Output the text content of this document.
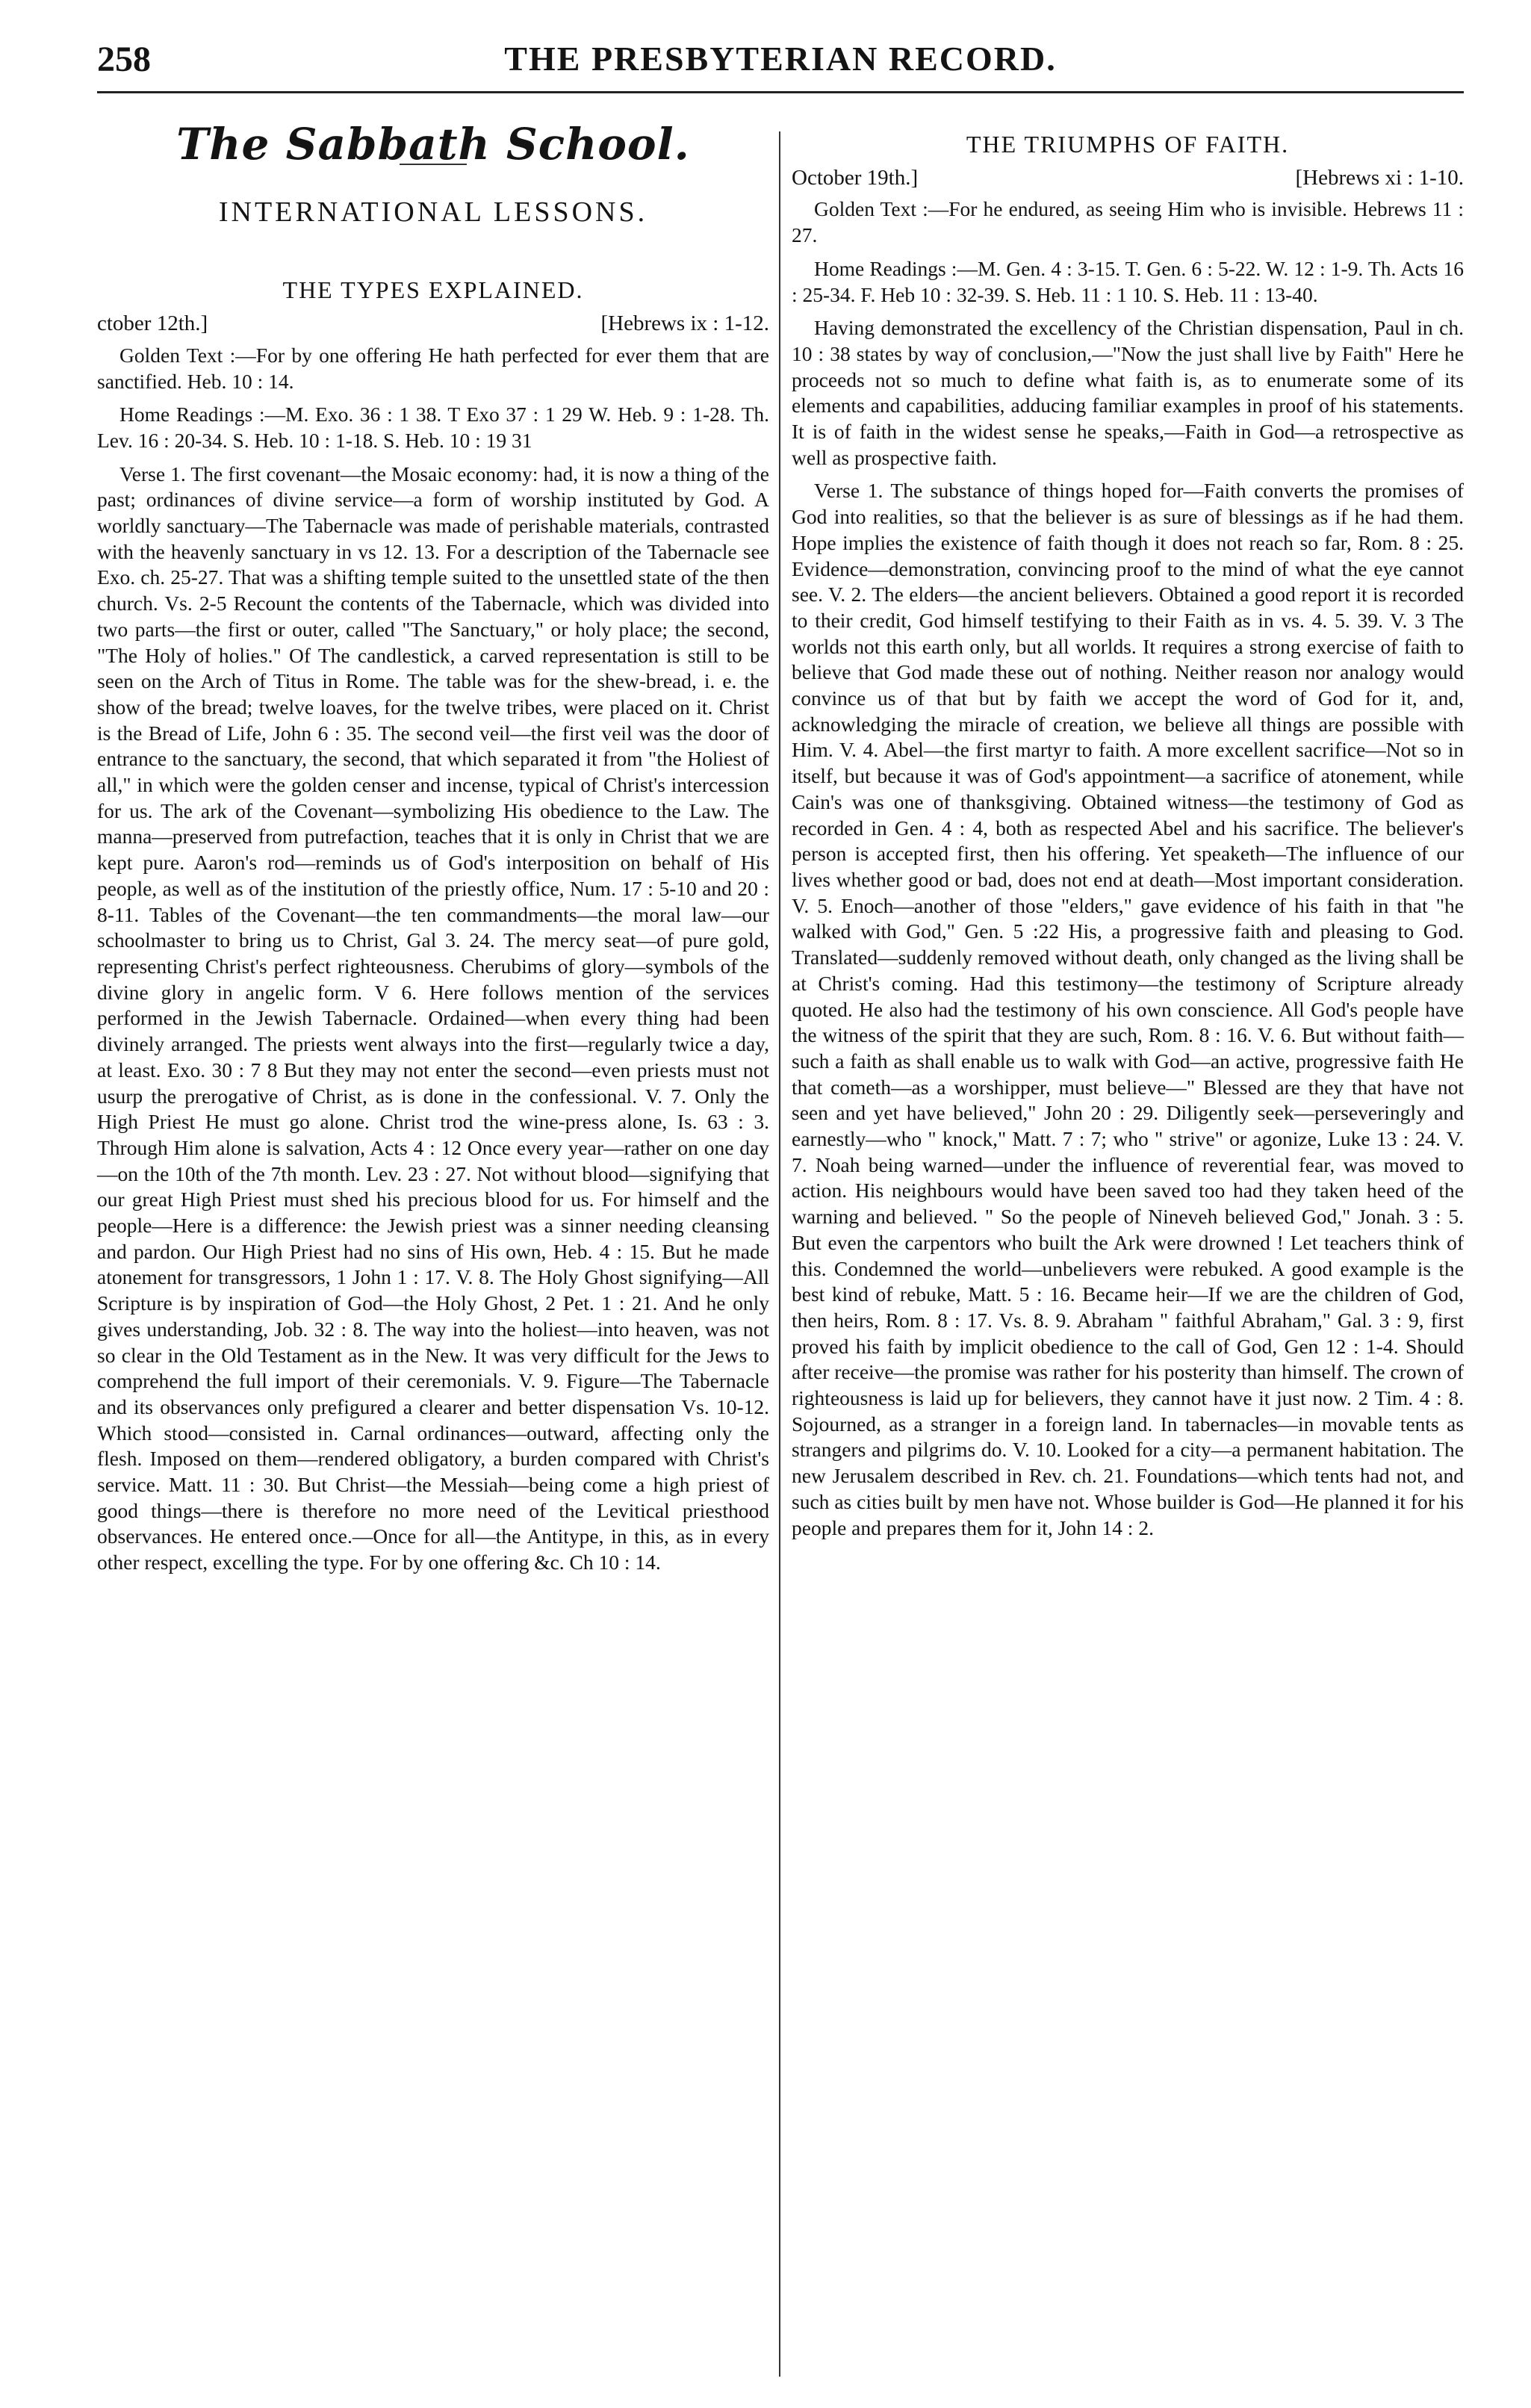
258	THE PRESBYTERIAN RECORD.
The Sabbath School.
INTERNATIONAL LESSONS.
THE TYPES EXPLAINED.
ctober 12th.]	[Hebrews ix : 1-12.

Golden Text :—For by one offering He hath perfected for ever them that are sanctified. Heb. 10 : 14.

Home Readings :—M. Exo. 36 : 1 38. T Exo 37 : 1 29 W. Heb. 9 : 1-28. Th. Lev. 16 : 20-34. S. Heb. 10 : 1-18. S. Heb. 10 : 19 31

Verse 1. The first covenant—the Mosaic economy: had, it is now a thing of the past; ordinances of divine service—a form of worship instituted by God. A worldly sanctuary—The Tabernacle was made of perishable materials, contrasted with the heavenly sanctuary in vs 12. 13. For a description of the Tabernacle see Exo. ch. 25-27. That was a shifting temple suited to the unsettled state of the then church. Vs. 2-5 Recount the contents of the Tabernacle, which was divided into two parts—the first or outer, called "The Sanctuary," or holy place; the second, "The Holy of holies." Of The candlestick, a carved representation is still to be seen on the Arch of Titus in Rome. The table was for the shew-bread, i. e. the show of the bread; twelve loaves, for the twelve tribes, were placed on it. Christ is the Bread of Life, John 6 : 35. The second veil—the first veil was the door of entrance to the sanctuary, the second, that which separated it from "the Holiest of all," in which were the golden censer and incense, typical of Christ's intercession for us. The ark of the Covenant—symbolizing His obedience to the Law. The manna—preserved from putrefaction, teaches that it is only in Christ that we are kept pure. Aaron's rod—reminds us of God's interposition on behalf of His people, as well as of the institution of the priestly office, Num. 17 : 5-10 and 20 : 8-11. Tables of the Covenant—the ten commandments—the moral law—our schoolmaster to bring us to Christ, Gal 3. 24. The mercy seat—of pure gold, representing Christ's perfect righteousness. Cherubims of glory—symbols of the divine glory in angelic form. V 6. Here follows mention of the services performed in the Jewish Tabernacle. Ordained—when every thing had been divinely arranged. The priests went always into the first—regularly twice a day, at least. Exo. 30 : 7 8 But they may not enter the second—even priests must not usurp the prerogative of Christ, as is done in the confessional. V. 7. Only the High Priest He must go alone. Christ trod the wine-press alone, Is. 63 : 3. Through Him alone is salvation, Acts 4 : 12 Once every year—rather on one day—on the 10th of the 7th month. Lev. 23 : 27. Not without blood—signifying that our great High Priest must shed his precious blood for us. For himself and the people—Here is a difference: the Jewish priest was a sinner needing cleansing and pardon. Our High Priest had no sins of His own, Heb. 4 : 15. But he made atonement for transgressors, 1 John 1 : 17. V. 8. The Holy Ghost signifying—All Scripture is by inspiration of God—the Holy Ghost, 2 Pet. 1 : 21. And he only gives understanding, Job. 32 : 8. The way into the holiest—into heaven, was not so clear in the Old Testament as in the New. It was very difficult for the Jews to comprehend the full import of their ceremonials. V. 9. Figure—The Tabernacle and its observances only prefigured a clearer and better dispensation Vs. 10-12. Which stood—consisted in. Carnal ordinances—outward, affecting only the flesh. Imposed on them—rendered obligatory, a burden compared with Christ's service. Matt. 11 : 30. But Christ—the Messiah—being come a high priest of good things—there is therefore no more need of the Levitical priesthood observances. He entered once.—Once for all—the Antitype, in this, as in every other respect, excelling the type. For by one offering &c. Ch 10 : 14.

THE TRIUMPHS OF FAITH.
October 19th.]	[Hebrews xi : 1-10.

Golden Text :—For he endured, as seeing Him who is invisible. Hebrews 11 : 27.

Home Readings :—M. Gen. 4 : 3-15. T. Gen. 6 : 5-22. W. 12 : 1-9. Th. Acts 16 : 25-34. F. Heb 10 : 32-39. S. Heb. 11 : 1 10. S. Heb. 11 : 13-40.

Having demonstrated the excellency of the Christian dispensation, Paul in ch. 10 : 38 states by way of conclusion,—"Now the just shall live by Faith" Here he proceeds not so much to define what faith is, as to enumerate some of its elements and capabilities, adducing familiar examples in proof of his statements. It is of faith in the widest sense he speaks,—Faith in God—a retrospective as well as prospective faith.

Verse 1. The substance of things hoped for—Faith converts the promises of God into realities, so that the believer is as sure of blessings as if he had them. Hope implies the existence of faith though it does not reach so far, Rom. 8 : 25. Evidence—demonstration, convincing proof to the mind of what the eye cannot see. V. 2. The elders—the ancient believers. Obtained a good report it is recorded to their credit, God himself testifying to their Faith as in vs. 4. 5. 39. V. 3 The worlds not this earth only, but all worlds. It requires a strong exercise of faith to believe that God made these out of nothing. Neither reason nor analogy would convince us of that but by faith we accept the word of God for it, and, acknowledging the miracle of creation, we believe all things are possible with Him. V. 4. Abel—the first martyr to faith. A more excellent sacrifice—Not so in itself, but because it was of God's appointment—a sacrifice of atonement, while Cain's was one of thanksgiving. Obtained witness—the testimony of God as recorded in Gen. 4 : 4, both as respected Abel and his sacrifice. The believer's person is accepted first, then his offering. Yet speaketh—The influence of our lives whether good or bad, does not end at death—Most important consideration. V. 5. Enoch—another of those "elders," gave evidence of his faith in that "he walked with God," Gen. 5 :22 His, a progressive faith and pleasing to God. Translated—suddenly removed without death, only changed as the living shall be at Christ's coming. Had this testimony—the testimony of Scripture already quoted. He also had the testimony of his own conscience. All God's people have the witness of the spirit that they are such, Rom. 8 : 16. V. 6. But without faith—such a faith as shall enable us to walk with God—an active, progressive faith He that cometh—as a worshipper, must believe—" Blessed are they that have not seen and yet have believed," John 20 : 29. Diligently seek—perseveringly and earnestly—who " knock," Matt. 7 : 7; who " strive" or agonize, Luke 13 : 24. V. 7. Noah being warned—under the influence of reverential fear, was moved to action. His neighbours would have been saved too had they taken heed of the warning and believed. " So the people of Nineveh believed God," Jonah. 3 : 5. But even the carpentors who built the Ark were drowned ! Let teachers think of this. Condemned the world—unbelievers were rebuked. A good example is the best kind of rebuke, Matt. 5 : 16. Became heir—If we are the children of God, then heirs, Rom. 8 : 17. Vs. 8. 9. Abraham " faithful Abraham," Gal. 3 : 9, first proved his faith by implicit obedience to the call of God, Gen 12 : 1-4. Should after receive—the promise was rather for his posterity than himself. The crown of righteousness is laid up for believers, they cannot have it just now. 2 Tim. 4 : 8. Sojourned, as a stranger in a foreign land. In tabernacles—in movable tents as strangers and pilgrims do. V. 10. Looked for a city—a permanent habitation. The new Jerusalem described in Rev. ch. 21. Foundations—which tents had not, and such as cities built by men have not. Whose builder is God—He planned it for his people and prepares them for it, John 14 : 2.
